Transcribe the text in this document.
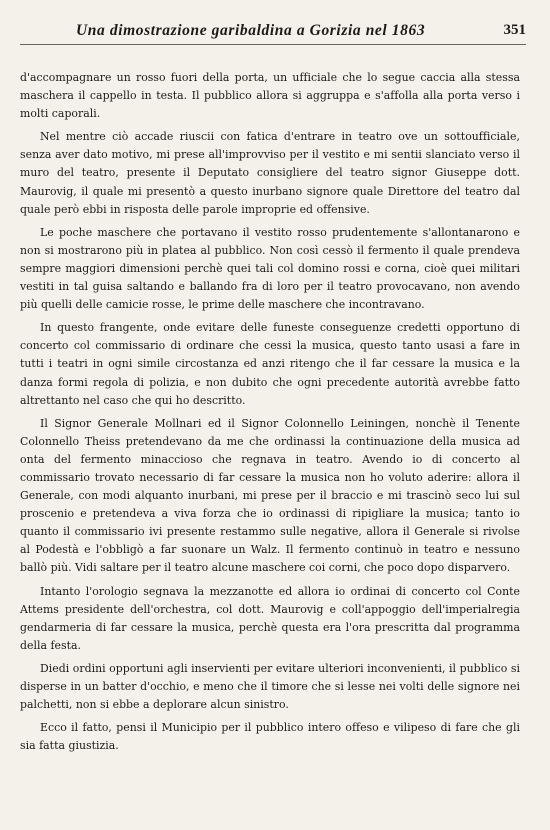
Una dimostrazione garibaldina a Gorizia nel 1863	351

d'accompagnare un rosso fuori della porta, un ufficiale che lo segue caccia alla stessa maschera il cappello in testa. Il pubblico allora si aggruppa e s'affolla alla porta verso i molti caporali.

Nel mentre ciò accade riuscii con fatica d'entrare in teatro ove un sottoufficiale, senza aver dato motivo, mi prese all'improvviso per il vestito e mi sentii slanciato verso il muro del teatro, presente il Deputato consigliere del teatro signor Giuseppe dott. Maurovig, il quale mi presentò a questo inurbano signore quale Direttore del teatro dal quale però ebbi in risposta delle parole improprie ed offensive.

Le poche maschere che portavano il vestito rosso prudentemente s'allontanarono e non si mostrarono più in platea al pubblico. Non così cessò il fermento il quale prendeva sempre maggiori dimensioni perchè quei tali col domino rossi e corna, cioè quei militari vestiti in tal guisa saltando e ballando fra di loro per il teatro provocavano, non avendo più quelli delle camicie rosse, le prime delle maschere che incontravano.

In questo frangente, onde evitare delle funeste conseguenze credetti opportuno di concerto col commissario di ordinare che cessi la musica, questo tanto usasi a fare in tutti i teatri in ogni simile circostanza ed anzi ritengo che il far cessare la musica e la danza formi regola di polizia, e non dubito che ogni precedente autorità avrebbe fatto altrettanto nel caso che qui ho descritto.

Il Signor Generale Mollnari ed il Signor Colonnello Leiningen, nonchè il Tenente Colonnello Theiss pretendevano da me che ordinassi la continuazione della musica ad onta del fermento minaccioso che regnava in teatro. Avendo io di concerto al commissario trovato necessario di far cessare la musica non ho voluto aderire: allora il Generale, con modi alquanto inurbani, mi prese per il braccio e mi trascinò seco lui sul proscenio e pretendeva a viva forza che io ordinassi di ripigliare la musica; tanto io quanto il commissario ivi presente restammo sulle negative, allora il Generale si rivolse al Podestà e l'obbligò a far suonare un Walz. Il fermento continuò in teatro e nessuno ballò più. Vidi saltare per il teatro alcune maschere coi corni, che poco dopo disparvero.

Intanto l'orologio segnava la mezzanotte ed allora io ordinai di concerto col Conte Attems presidente dell'orchestra, col dott. Maurovig e coll'appoggio dell'imperialregia gendarmeria di far cessare la musica, perchè questa era l'ora prescritta dal programma della festa.

Diedi ordini opportuni agli inservienti per evitare ulteriori inconvenienti, il pubblico si disperse in un batter d'occhio, e meno che il timore che si lesse nei volti delle signore nei palchetti, non si ebbe a deplorare alcun sinistro.

Ecco il fatto, pensi il Municipio per il pubblico intero offeso e vilipeso di fare che gli sia fatta giustizia.
